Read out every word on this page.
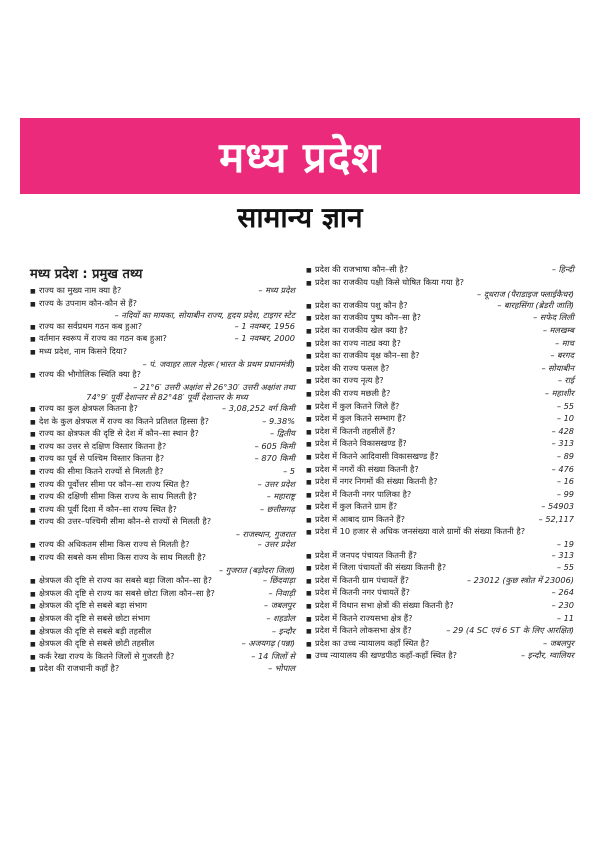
मध्य प्रदेश
सामान्य ज्ञान
मध्य प्रदेश : प्रमुख तथ्य
■ राज्य का मुख्य नाम क्या है?	– मध्य प्रदेश
■ राज्य के उपनाम कौन-कौन से हैं?
– नदियों का मायका, सोयाबीन राज्य, हृदय प्रदेश, टाइगर स्टेट
■ राज्य का सर्वप्रथम गठन कब हुआ?	– 1 नवम्बर, 1956
■ वर्तमान स्वरूप में राज्य का गठन कब हुआ?	– 1 नवम्बर, 2000
■ मध्य प्रदेश, नाम किसने दिया?
– पं. जवाहर लाल नेहरू (भारत के प्रथम प्रधानमंत्री)
■ राज्य की भौगोलिक स्थिति क्या है?
– 21°6′ उत्तरी अक्षांश से 26°30′ उत्तरी अक्षांश तथा
74°9′ पूर्वी देशान्तर से 82°48′ पूर्वी देशान्तर के मध्य
■ राज्य का कुल क्षेत्रफल कितना है?	– 3,08,252 वर्ग किमी
■ देश के कुल क्षेत्रफल में राज्य का कितने प्रतिशत हिस्सा है?	– 9.38%
■ राज्य का क्षेत्रफल की दृष्टि से देश में कौन–सा स्थान है?	– द्वितीय
■ राज्य का उत्तर से दक्षिण विस्तार कितना है?	– 605 किमी
■ राज्य का पूर्व से पश्चिम विस्तार कितना है?	– 870 किमी
■ राज्य की सीमा कितने राज्यों से मिलती है?	– 5
■ राज्य की पूर्वोत्तर सीमा पर कौन–सा राज्य स्थित है?	– उत्तर प्रदेश
■ राज्य की दक्षिणी सीमा किस राज्य के साथ मिलती है?	– महाराष्ट्र
■ राज्य की पूर्वी दिशा में कौन–सा राज्य स्थित है?	– छत्तीसगढ़
■ राज्य की उत्तर–पश्चिमी सीमा कौन–से राज्यों से मिलती है?
– राजस्थान, गुजरात
■ राज्य की अधिकतम सीमा किस राज्य से मिलती है?	– उत्तर प्रदेश
■ राज्य की सबसे कम सीमा किस राज्य के साथ मिलती है?
– गुजरात (बड़ोदरा जिला)
■ क्षेत्रफल की दृष्टि से राज्य का सबसे बड़ा जिला कौन–सा है?	– छिंदवाड़ा
■ क्षेत्रफल की दृष्टि से राज्य का सबसे छोटा जिला कौन–सा है?	– निवाड़ी
■ क्षेत्रफल की दृष्टि से सबसे बड़ा संभाग	– जबलपुर
■ क्षेत्रफल की दृष्टि से सबसे छोटा संभाग	– शहडोल
■ क्षेत्रफल की दृष्टि से सबसे बड़ी तहसील	– इन्दौर
■ क्षेत्रफल की दृष्टि से सबसे छोटी तहसील	– अजयगढ़ (पन्ना)
■ कर्क रेखा राज्य के कितने जिलों से गुजरती है?	– 14 जिलों से
■ प्रदेश की राजधानी कहाँ है?	– भोपाल
■ प्रदेश की राजभाषा कौन–सी है?	– हिन्दी
■ प्रदेश का राजकीय पक्षी किसे घोषित किया गया है?
– दूधराज (पैराडाइज फ्लाईकैचर)
■ प्रदेश का राजकीय पशु कौन है?	– बारहसिंगा (ब्रेडरी जाति)
■ प्रदेश का राजकीय पुष्प कौन–सा है?	– सफेद लिली
■ प्रदेश का राजकीय खेल क्या है?	– मलखम्ब
■ प्रदेश का राज्य नाट्य क्या है?	– माच
■ प्रदेश का राजकीय वृक्ष कौन–सा है?	– बरगद
■ प्रदेश की राज्य फसल है?	– सोयाबीन
■ प्रदेश का राज्य नृत्य है?	– राई
■ प्रदेश की राज्य मछली है?	– महाशीर
■ प्रदेश में कुल कितने जिले हैं?	– 55
■ प्रदेश में कुल कितने सम्भाग हैं?	– 10
■ प्रदेश में कितनी तहसीलें हैं?	– 428
■ प्रदेश में कितने विकासखण्ड हैं?	– 313
■ प्रदेश में कितने आदिवासी विकासखण्ड हैं?	– 89
■ प्रदेश में नगरों की संख्या कितनी है?	– 476
■ प्रदेश में नगर निगमों की संख्या कितनी है?	– 16
■ प्रदेश में कितनी नगर पालिका है?	– 99
■ प्रदेश में कुल कितने ग्राम हैं?	– 54903
■ प्रदेश में आबाद ग्राम कितने हैं?	– 52,117
■ प्रदेश में 10 हजार से अधिक जनसंख्या वाले ग्रामों की संख्या कितनी है?
– 19
■ प्रदेश में जनपद पंचायत कितनी हैं?	– 313
■ प्रदेश में जिला पंचायतों की संख्या कितनी है?	– 55
■ प्रदेश में कितनी ग्राम पंचायतें हैं?	– 23012 (कुछ स्त्रोत में 23006)
■ प्रदेश में कितनी नगर पंचायतें हैं?	– 264
■ प्रदेश में विधान सभा क्षेत्रों की संख्या कितनी है?	– 230
■ प्रदेश में कितने राज्यसभा क्षेत्र हैं?	– 11
■ प्रदेश में कितने लोकसभा क्षेत्र हैं?	– 29 (4 SC एवं 6 ST के लिए आरक्षित)
■ प्रदेश का उच्च न्यायालय कहाँ स्थित है?	– जबलपुर
■ उच्च न्यायालय की खण्डपीठ कहाँ-कहाँ स्थित है?	– इन्दौर, ग्वालियर
